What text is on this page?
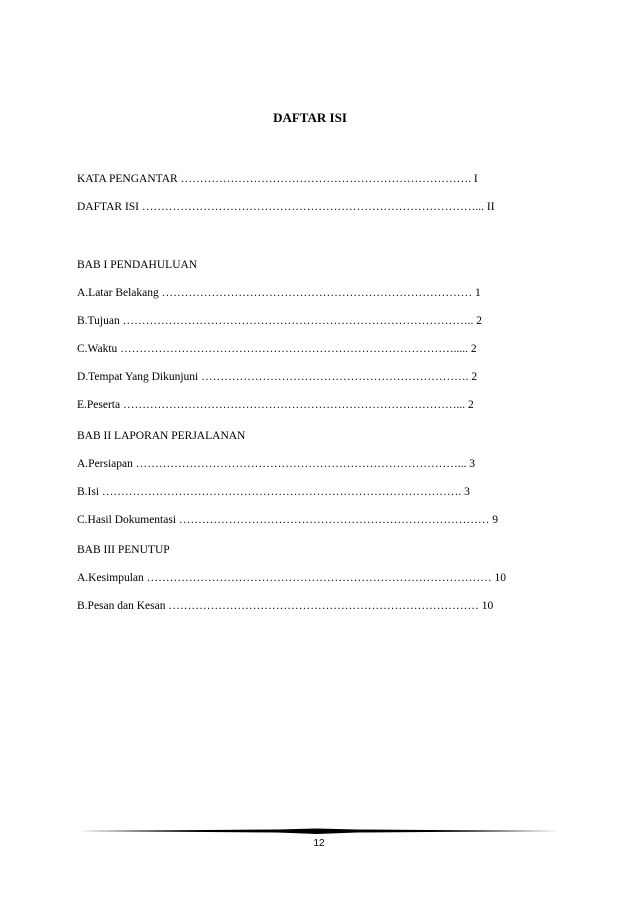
DAFTAR ISI
KATA PENGANTAR …………………………………………………………………. I
DAFTAR ISI ……………………………………………………………………………... II
BAB I PENDAHULUAN
A.Latar Belakang ……………………………………………………………………… 1
B.Tujuan ……………………………………………………………………………….. 2
C.Waktu ……………………………………………………………………………..... 2
D.Tempat Yang Dikunjuni ……………………………………………………………. 2
E.Peserta ……………………………………………………………………………... 2
BAB II LAPORAN PERJALANAN
A.Persiapan …………………………………………………………………………... 3
B.Isi …………………………………………………………………………………. 3
C.Hasil Dokumentasi ……………………………………………………………………… 9
BAB III PENUTUP
A.Kesimpulan ……………………………………………………………………………… 10
B.Pesan dan Kesan ……………………………………………………………………… 10
12
